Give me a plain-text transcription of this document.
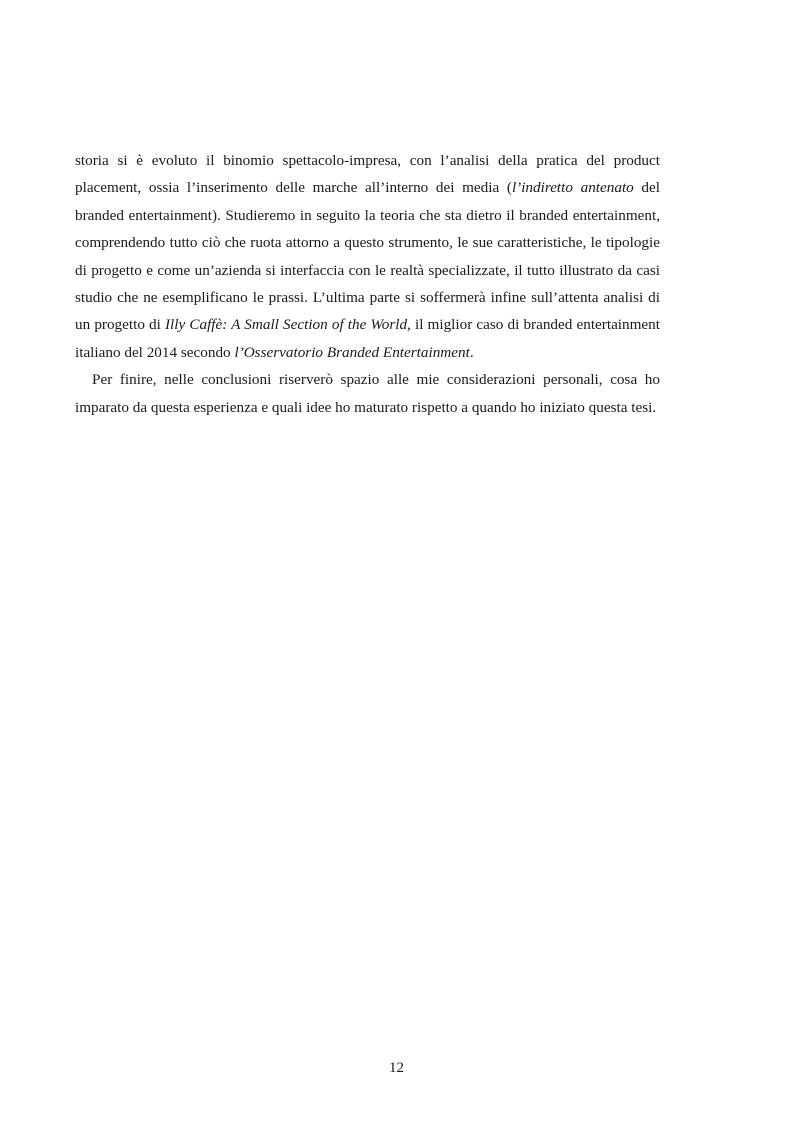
storia si è evoluto il binomio spettacolo-impresa, con l’analisi della pratica del product placement, ossia l’inserimento delle marche all’interno dei media (l’indiretto antenato del branded entertainment). Studieremo in seguito la teoria che sta dietro il branded entertainment, comprendendo tutto ciò che ruota attorno a questo strumento, le sue caratteristiche, le tipologie di progetto e come un’azienda si interfaccia con le realtà specializzate, il tutto illustrato da casi studio che ne esemplificano le prassi. L’ultima parte si soffermerà infine sull’attenta analisi di un progetto di Illy Caffè: A Small Section of the World, il miglior caso di branded entertainment italiano del 2014 secondo l’Osservatorio Branded Entertainment.

Per finire, nelle conclusioni riserverò spazio alle mie considerazioni personali, cosa ho imparato da questa esperienza e quali idee ho maturato rispetto a quando ho iniziato questa tesi.

12
